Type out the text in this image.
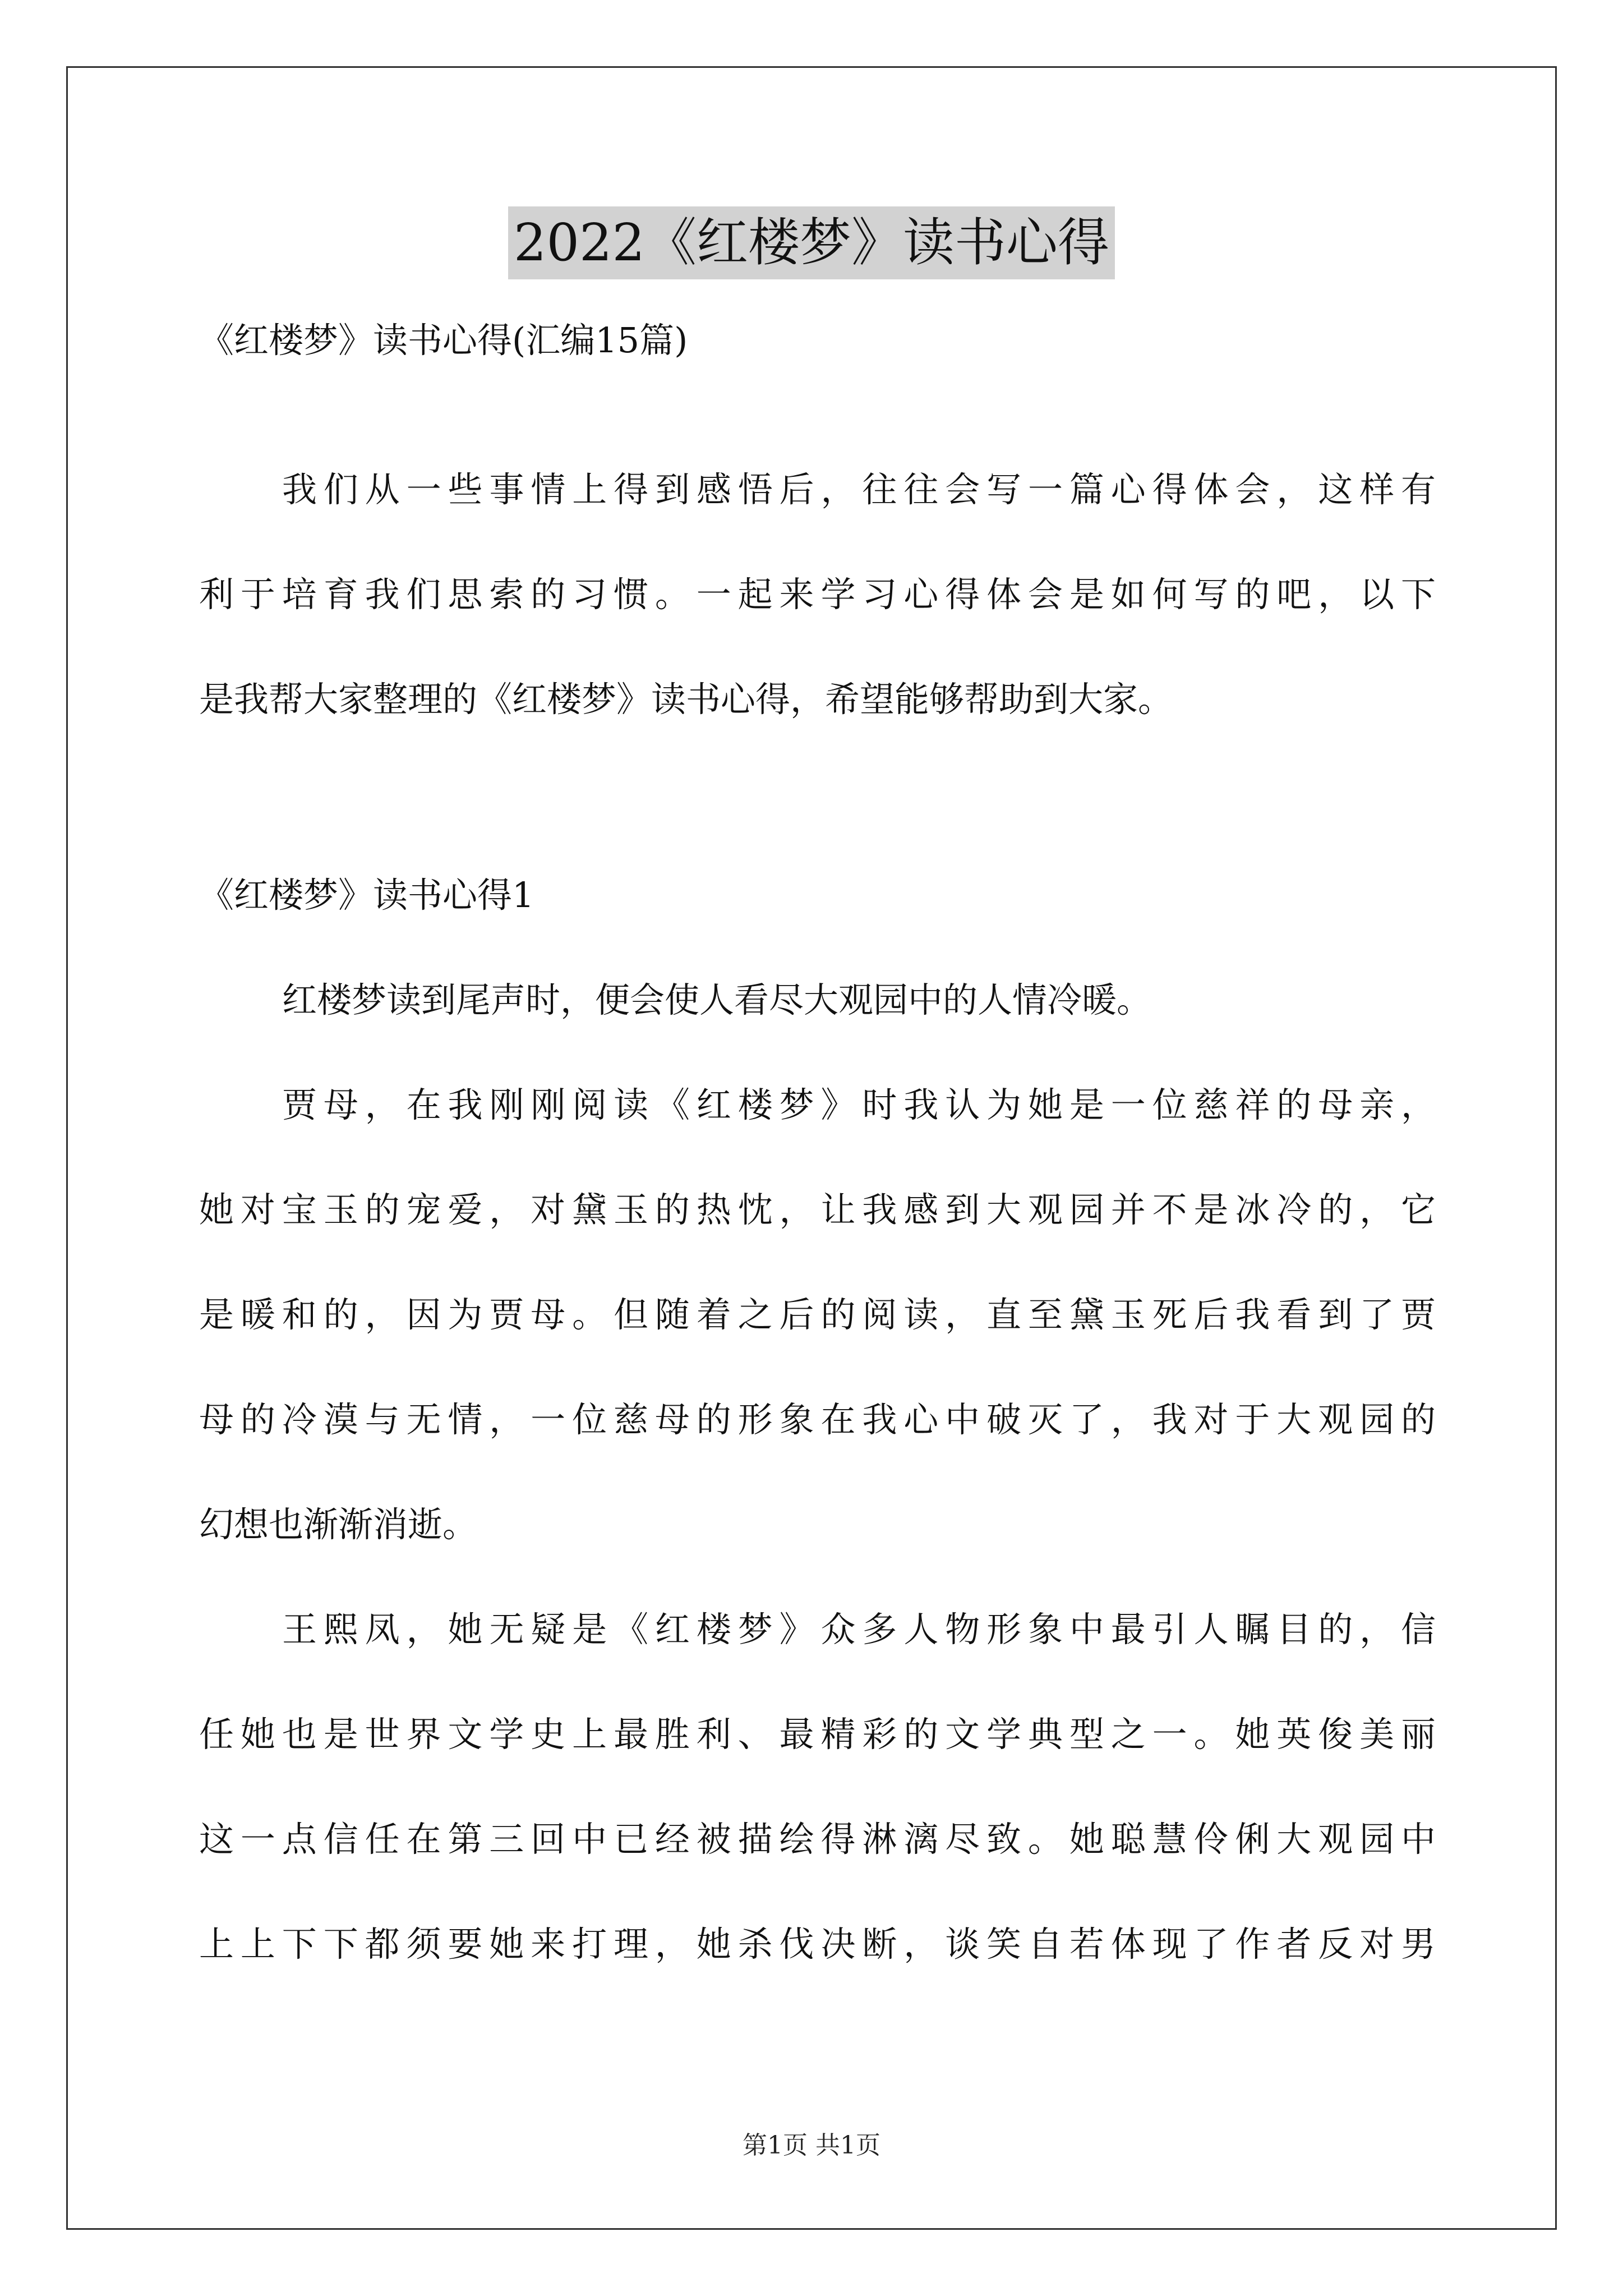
2022《红楼梦》读书心得

《红楼梦》读书心得(汇编15篇)

我们从一些事情上得到感悟后，往往会写一篇心得体会，这样有

利于培育我们思索的习惯。一起来学习心得体会是如何写的吧，以下

是我帮大家整理的《红楼梦》读书心得，希望能够帮助到大家。

《红楼梦》读书心得1

红楼梦读到尾声时，便会使人看尽大观园中的人情冷暖。

贾母，在我刚刚阅读《红楼梦》时我认为她是一位慈祥的母亲，

她对宝玉的宠爱，对黛玉的热忱，让我感到大观园并不是冰冷的，它

是暖和的，因为贾母。但随着之后的阅读，直至黛玉死后我看到了贾

母的冷漠与无情，一位慈母的形象在我心中破灭了，我对于大观园的

幻想也渐渐消逝。

王熙凤，她无疑是《红楼梦》众多人物形象中最引人瞩目的，信

任她也是世界文学史上最胜利、最精彩的文学典型之一。她英俊美丽

这一点信任在第三回中已经被描绘得淋漓尽致。她聪慧伶俐大观园中

上上下下都须要她来打理，她杀伐决断，谈笑自若体现了作者反对男

第1页 共1页
